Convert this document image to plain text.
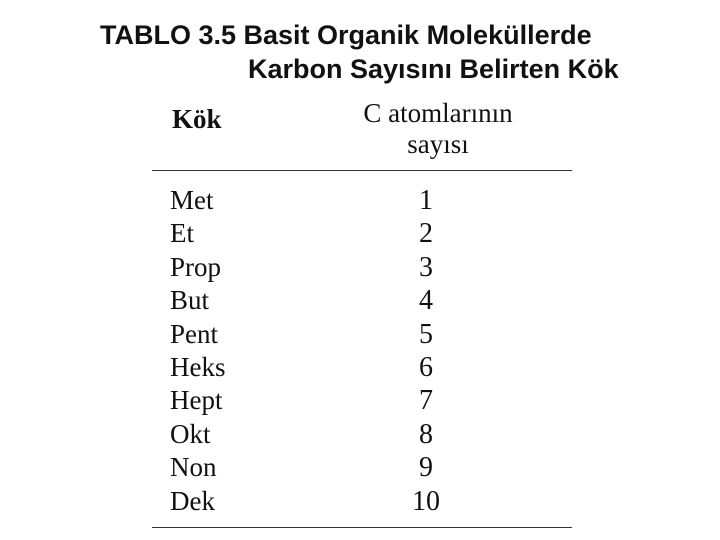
TABLO 3.5 Basit Organik Moleküllerde
Karbon Sayısını Belirten Kök
Kök	C atomlarının
sayısı
Met	1
Et	2
Prop	3
But	4
Pent	5
Heks	6
Hept	7
Okt	8
Non	9
Dek	10
